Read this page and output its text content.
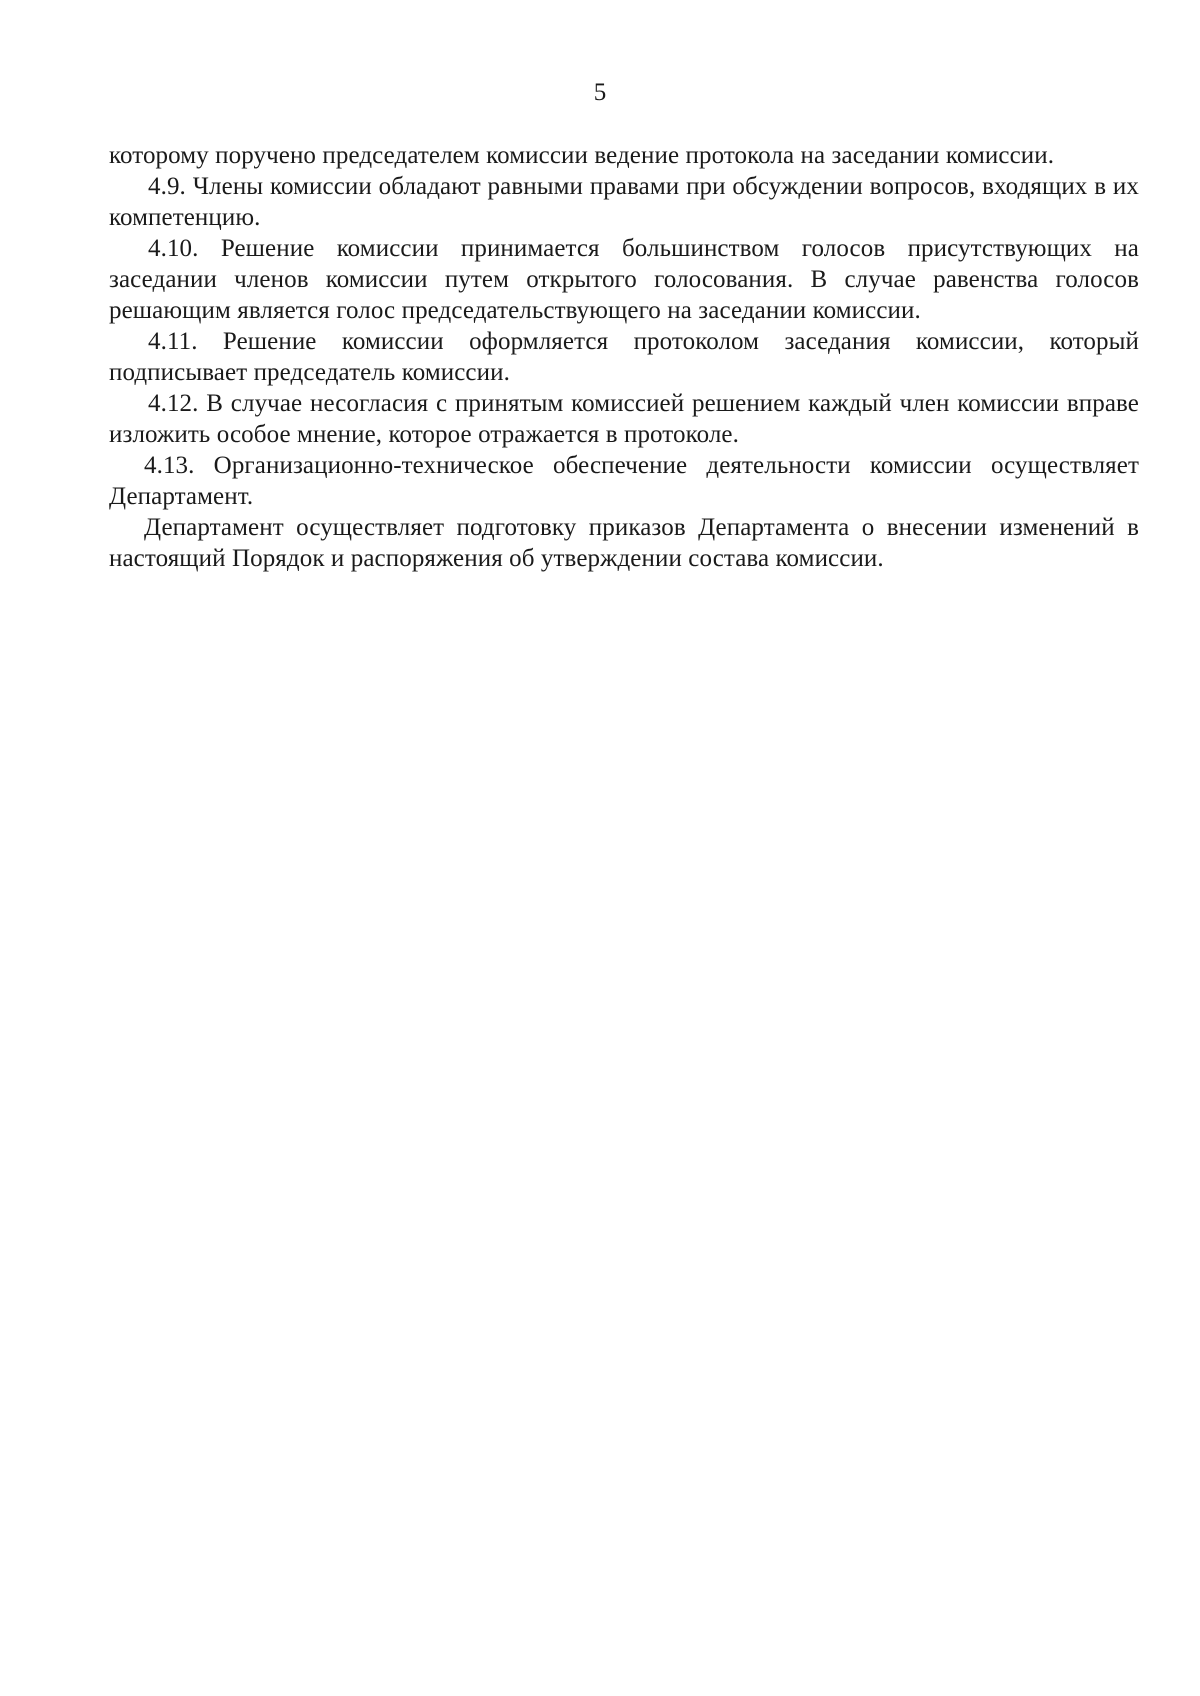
5

которому поручено председателем комиссии ведение протокола на заседании комиссии.

4.9. Члены комиссии обладают равными правами при обсуждении вопросов, входящих в их компетенцию.

4.10. Решение комиссии принимается большинством голосов присутствующих на заседании членов комиссии путем открытого голосования. В случае равенства голосов решающим является голос председательствующего на заседании комиссии.

4.11. Решение комиссии оформляется протоколом заседания комиссии, который подписывает председатель комиссии.

4.12. В случае несогласия с принятым комиссией решением каждый член комиссии вправе изложить особое мнение, которое отражается в протоколе.

4.13. Организационно-техническое обеспечение деятельности комиссии осуществляет Департамент.

Департамент осуществляет подготовку приказов Департамента о внесении изменений в настоящий Порядок и распоряжения об утверждении состава комиссии.
